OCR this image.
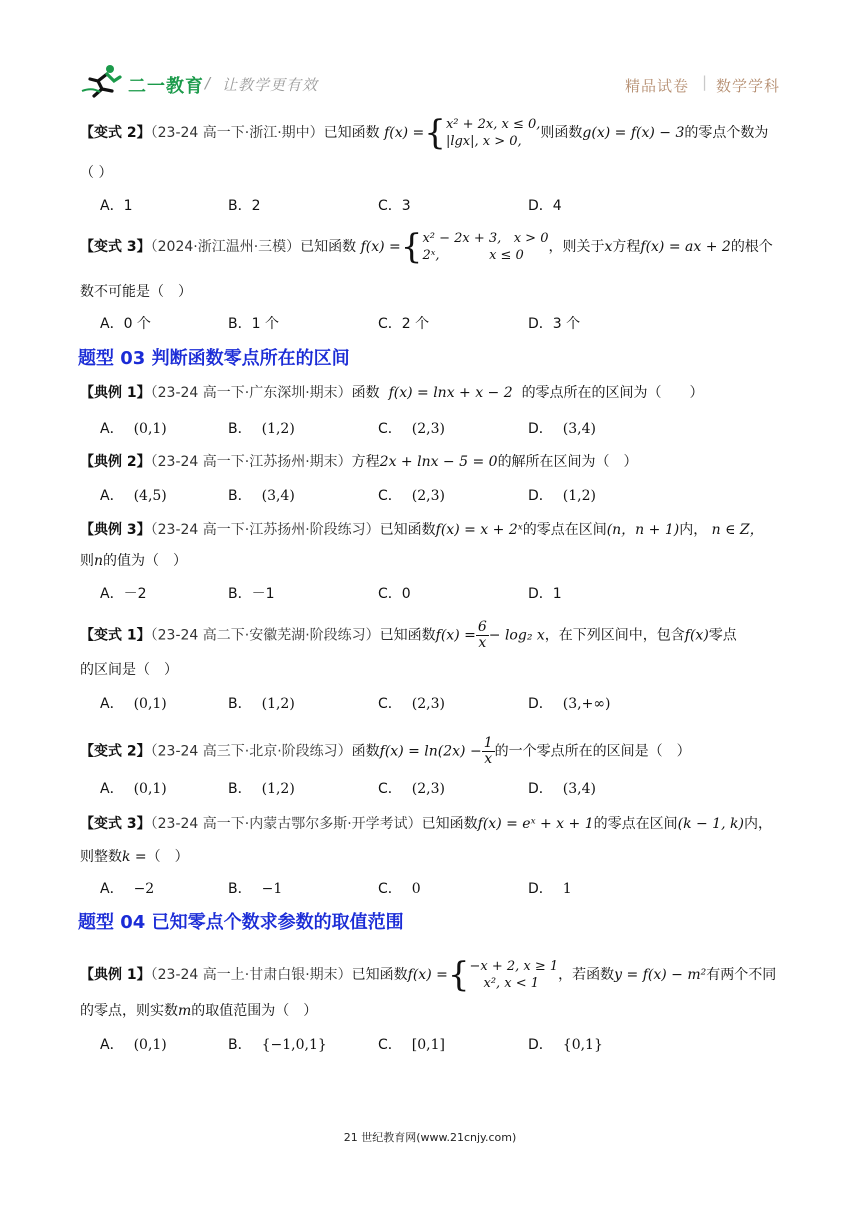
二一教育 / 让教学更有效	精品试卷 | 数学学科
【变式 2】（23-24 高一下·浙江·期中）已知函数 f(x) ={ x² + 2x, x ≤ 0,
|lgx|, x > 0,
则函数g(x) = f(x) − 3的零点个数为
（ ）
A．1	B．2	C．3	D．4
【变式 3】（2024·浙江温州·三模）已知函数 f(x) ={ x² − 2x + 3, x > 0
2ˣ,	x ≤ 0
，则关于x方程f(x) = ax + 2的根个
数不可能是（　）
A．0 个	B．1 个	C．2 个	D．3 个
题型 03 判断函数零点所在的区间
【典例 1】（23-24 高一下·广东深圳·期末）函数 f(x) = lnx + x − 2 的零点所在的区间为（　　）
A． (0,1)	B． (1,2)	C． (2,3)	D． (3,4)
【典例 2】（23-24 高一下·江苏扬州·期末）方程2x + lnx − 5 = 0的解所在区间为（　）
A． (4,5)	B． (3,4)	C． (2,3)	D． (1,2)
【典例 3】（23-24 高一下·江苏扬州·阶段练习）已知函数f(x) = x + 2ˣ的零点在区间(n，n + 1)内， n ∈ Z，
则n的值为（　）
A．－2	B．－1	C．0	D．1
【变式 1】（23-24 高二下·安徽芜湖·阶段练习）已知函数$f(x) = \frac{6}{x} - \log_2$ x，在下列区间中，包含f(x)零点
的区间是（　）
A． (0,1)	B． (1,2)	C． (2,3)	D． (3,+∞)
【变式 2】（23-24 高三下·北京·阶段练习）函数$f(x) = \ln(2x) - \frac{1}{x}$ 的一个零点所在的区间是（　）
A． (0,1)	B． (1,2)	C． (2,3)	D． (3,4)
【变式 3】（23-24 高一下·内蒙古鄂尔多斯·开学考试）已知函数f(x) = eˣ + x + 1的零点在区间(k − 1, k)内，
则整数k =（　）
A． −2	B． −1	C． 0	D． 1
题型 04 已知零点个数求参数的取值范围
【典例 1】（23-24 高一上·甘肃白银·期末）已知函数f(x) ={ −x + 2, x ≥ 1
x², x < 1
，若函数y = f(x) − m²有两个不同
的零点，则实数m的取值范围为（　）
A． (0,1)	B． {−1,0,1}	C． [0,1]	D． {0,1}
21 世纪教育网(www.21cnjy.com)
